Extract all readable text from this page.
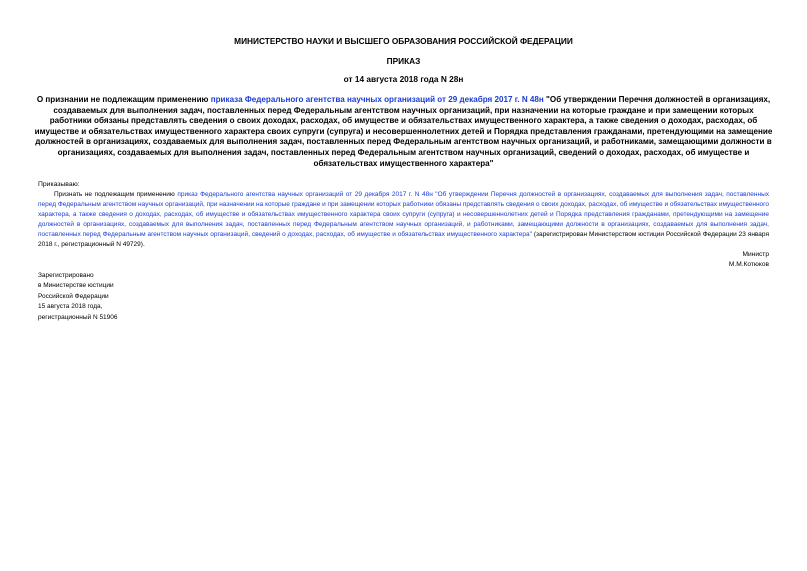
МИНИСТЕРСТВО НАУКИ И ВЫСШЕГО ОБРАЗОВАНИЯ РОССИЙСКОЙ ФЕДЕРАЦИИ
ПРИКАЗ
от 14 августа 2018 года N 28н
О признании не подлежащим применению приказа Федерального агентства научных организаций от 29 декабря 2017 г. N 48н "Об утверждении Перечня должностей в организациях, создаваемых для выполнения задач, поставленных перед Федеральным агентством научных организаций, при назначении на которые граждане и при замещении которых работники обязаны представлять сведения о своих доходах, расходах, об имуществе и обязательствах имущественного характера, а также сведения о доходах, расходах, об имуществе и обязательствах имущественного характера своих супруги (супруга) и несовершеннолетних детей и Порядка представления гражданами, претендующими на замещение должностей в организациях, создаваемых для выполнения задач, поставленных перед Федеральным агентством научных организаций, и работниками, замещающими должности в организациях, создаваемых для выполнения задач, поставленных перед Федеральным агентством научных организаций, сведений о доходах, расходах, об имуществе и обязательствах имущественного характера"
Приказываю:
Признать не подлежащим применению приказ Федерального агентства научных организаций от 29 декабря 2017 г. N 48н "Об утверждении Перечня должностей в организациях, создаваемых для выполнения задач, поставленных перед Федеральным агентством научных организаций, при назначении на которые граждане и при замещении которых работники обязаны представлять сведения о своих доходах, расходах, об имуществе и обязательствах имущественного характера, а также сведения о доходах, расходах, об имуществе и обязательствах имущественного характера своих супруги (супруга) и несовершеннолетних детей и Порядка представления гражданами, претендующими на замещение должностей в организациях, создаваемых для выполнения задач, поставленных перед Федеральным агентством научных организаций, и работниками, замещающими должности в организациях, создаваемых для выполнения задач, поставленных перед Федеральным агентством научных организаций, сведений о доходах, расходах, об имуществе и обязательствах имущественного характера" (зарегистрирован Министерством юстиции Российской Федерации 23 января 2018 г., регистрационный N 49729).
Министр
М.М.Котюков
Зарегистрировано
в Министерстве юстиции
Российской Федерации
15 августа 2018 года,
регистрационный N 51906
